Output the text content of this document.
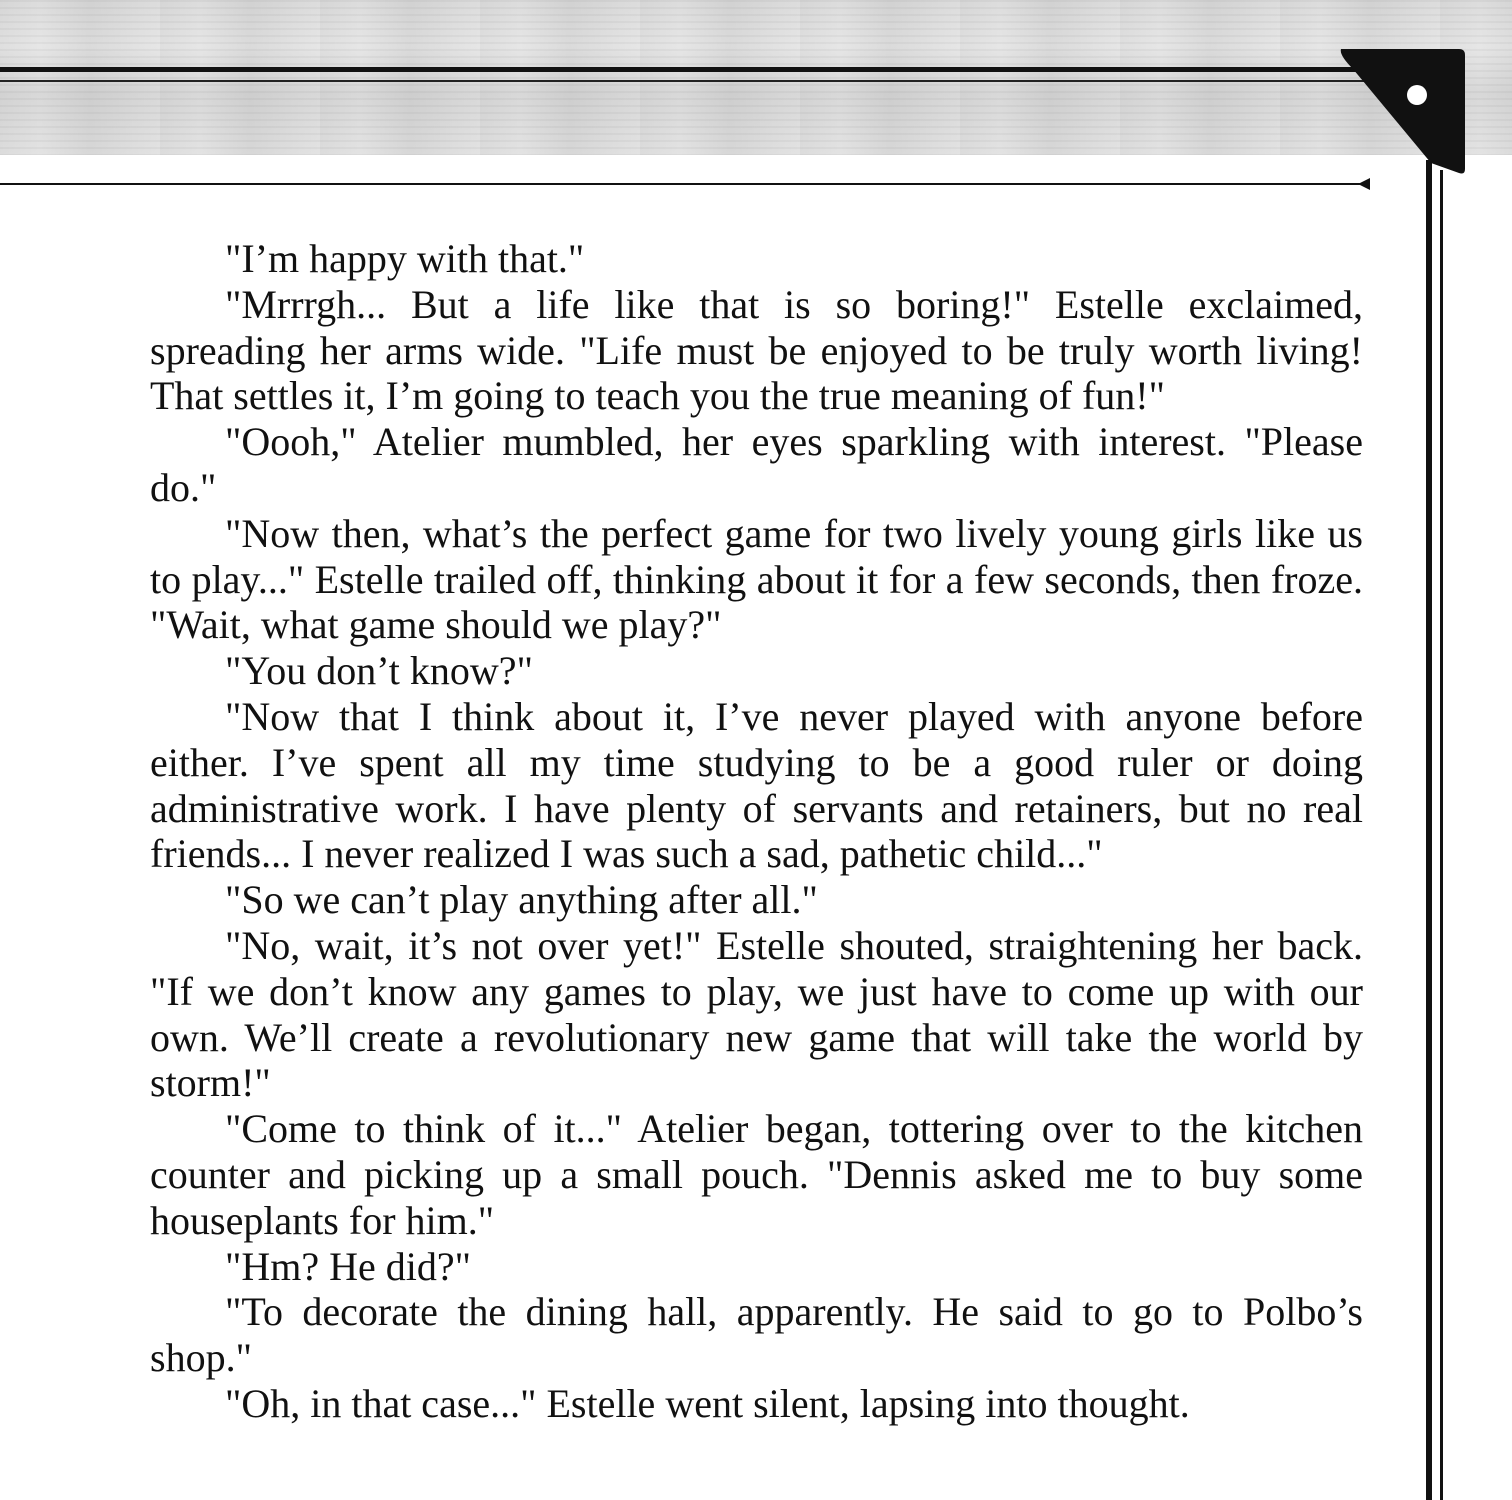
"I’m happy with that."

"Mrrrgh... But a life like that is so boring!" Estelle exclaimed, spreading her arms wide. "Life must be enjoyed to be truly worth living! That settles it, I’m going to teach you the true meaning of fun!"

"Oooh," Atelier mumbled, her eyes sparkling with interest. "Please do."

"Now then, what’s the perfect game for two lively young girls like us to play..." Estelle trailed off, thinking about it for a few seconds, then froze. "Wait, what game should we play?"

"You don’t know?"

"Now that I think about it, I’ve never played with anyone before either. I’ve spent all my time studying to be a good ruler or doing administrative work. I have plenty of servants and retainers, but no real friends... I never realized I was such a sad, pathetic child..."

"So we can’t play anything after all."

"No, wait, it’s not over yet!" Estelle shouted, straightening her back. "If we don’t know any games to play, we just have to come up with our own. We’ll create a revolutionary new game that will take the world by storm!"

"Come to think of it..." Atelier began, tottering over to the kitchen counter and picking up a small pouch. "Dennis asked me to buy some houseplants for him."

"Hm? He did?"

"To decorate the dining hall, apparently. He said to go to Polbo’s shop."

"Oh, in that case..." Estelle went silent, lapsing into thought.
